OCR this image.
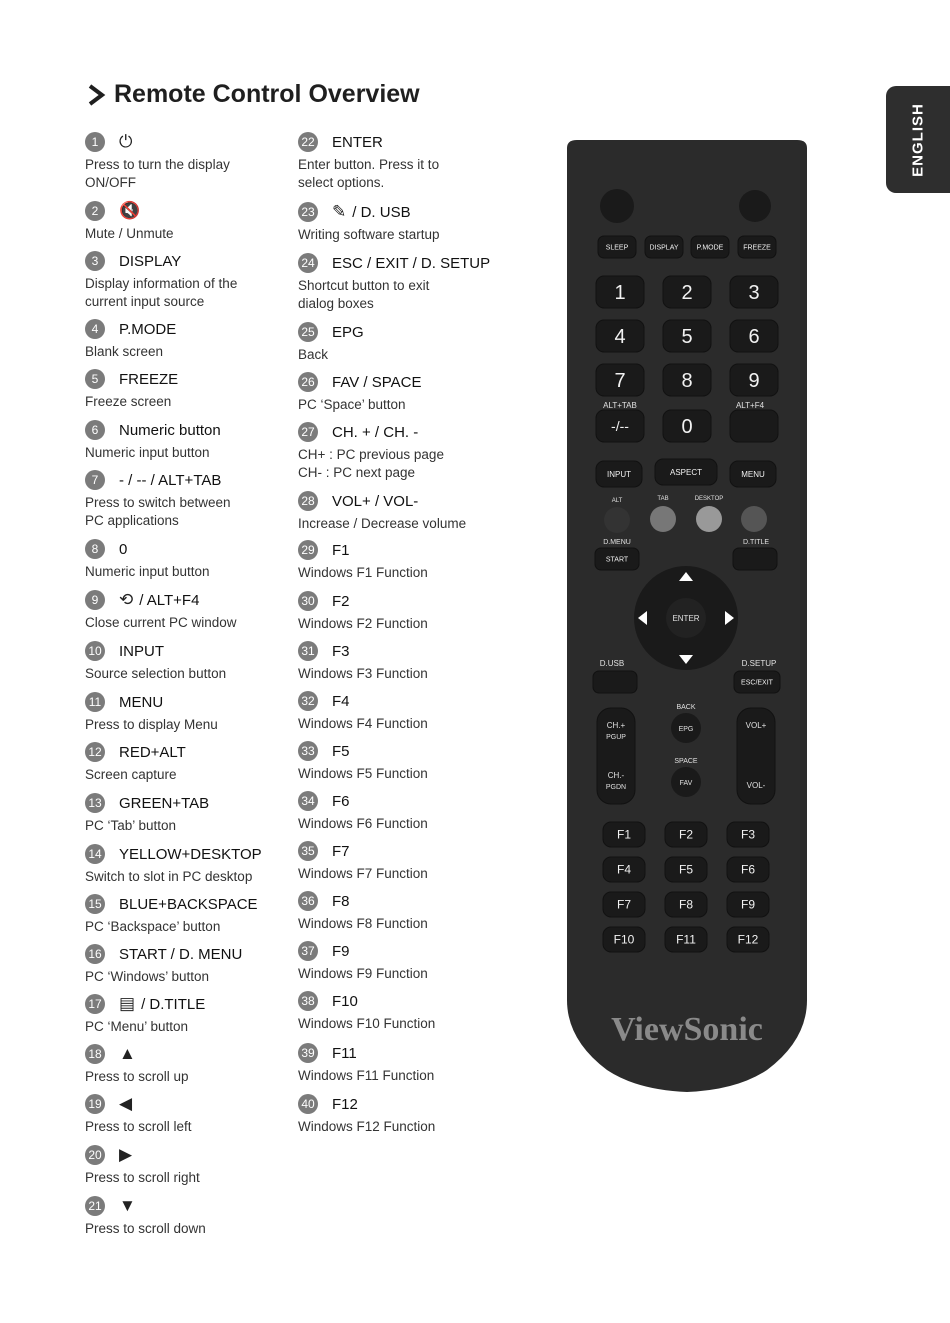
Remote Control Overview
ENGLISH
1	⏻
Press to turn the display
ON/OFF
2	🔇
Mute / Unmute
3	DISPLAY
Display information of the
current input source
4	P.MODE
Blank screen
5	FREEZE
Freeze screen
6	Numeric button
Numeric input button
7	- / -- / ALT+TAB
Press to switch between
PC applications
8	0
Numeric input button
9	⟲ / ALT+F4
Close current PC window
10 INPUT
Source selection button
11 MENU
Press to display Menu
12 RED+ALT
Screen capture
13 GREEN+TAB
PC ‘Tab’ button
14 YELLOW+DESKTOP
Switch to slot in PC desktop
15 BLUE+BACKSPACE
PC ‘Backspace’ button
16 START / D. MENU
PC ‘Windows’ button
17 ▤ / D.TITLE
PC ‘Menu’ button
18 ▲
Press to scroll up
19 ◀
Press to scroll left
20 ▶
Press to scroll right
21 ▼
Press to scroll down
22 ENTER
Enter button. Press it to
select options.
23 ✎ / D. USB
Writing software startup
24 ESC / EXIT / D. SETUP
Shortcut button to exit
dialog boxes
25 EPG
Back
26 FAV / SPACE
PC ‘Space’ button
27 CH. + / CH. -
CH+ : PC previous page
CH- : PC next page
28 VOL+ / VOL-
Increase / Decrease volume
29 F1
Windows F1 Function
30 F2
Windows F2 Function
31 F3
Windows F3 Function
32 F4
Windows F4 Function
33 F5
Windows F5 Function
34 F6
Windows F6 Function
35 F7
Windows F7 Function
36 F8
Windows F8 Function
37 F9
Windows F9 Function
38 F10
Windows F10 Function
39 F11
Windows F11 Function
40 F12
Windows F12 Function
SLEEP	DISPLAY	P.MODE	FREEZE
1	2	3
4	5	6
7	8	9
ALT+TAB	ALT+F4
-/--	0
INPUT	ASPECT	MENU
ALT	TAB	DESKTOP
D.MENU	D.TITLE
START
ENTER
D.USB	D.SETUP
ESC/EXIT
BACK
CH.+
PGUP
CH.-
PGDN
EPG
SPACE
FAV
VOL+
VOL-
F1	F2	F3
F4	F5	F6
F7	F8	F9
F10	F11	F12
ViewSonic
